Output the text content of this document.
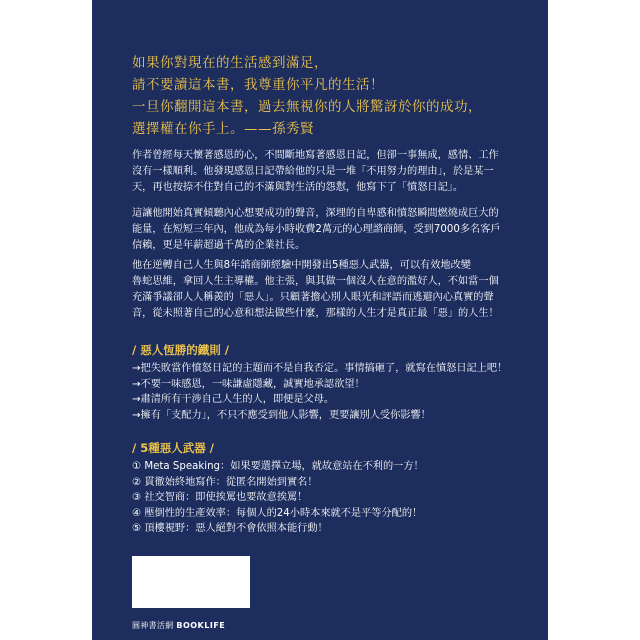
如果你對現在的生活感到滿足，
請不要讀這本書，我尊重你平凡的生活！
一旦你翻開這本書，過去無視你的人將驚訝於你的成功，
選擇權在你手上。——孫秀賢
作者曾經每天懷著感恩的心，不間斷地寫著感恩日記，但卻一事無成，感情、工作
沒有一樣順利。他發現感恩日記帶給他的只是一堆「不用努力的理由」，於是某一
天，再也按捺不住對自己的不滿與對生活的怨懟，他寫下了「憤怒日記」。
這讓他開始真實傾聽內心想要成功的聲音，深埋的自卑感和憤怒瞬間燃燒成巨大的
能量，在短短三年內，他成為每小時收費2萬元的心理諮商師，受到7000多名客戶
信賴，更是年薪超過千萬的企業社長。
他在逆轉自己人生與8年諮商師經驗中開發出5種惡人武器，可以有效地改變
魯蛇思維，拿回人生主導權。他主張，與其做一個沒人在意的濫好人，不如當一個
充滿爭議卻人人稱羨的「惡人」。只顧著擔心別人眼光和評語而逃避內心真實的聲
音，從未照著自己的心意和想法做些什麼，那樣的人生才是真正最「惡」的人生！
/ 惡人恆勝的鐵則 /
→把失敗當作憤怒日記的主題而不是自我否定。事情搞砸了，就寫在憤怒日記上吧！
→不要一味感恩，一味謙虛隱藏，誠實地承認欲望！
→肅清所有干涉自己人生的人，即便是父母。
→擁有「支配力」，不只不應受到他人影響，更要讓別人受你影響！
/ 5種惡人武器 /
① Meta Speaking：如果要選擇立場，就故意站在不利的一方！
② 貫徹始終地寫作：從匿名開始到實名！
③ 社交智商：即使挨罵也要故意挨罵！
④ 壓倒性的生產效率：每個人的24小時本來就不是平等分配的！
⑤ 頂樓視野：惡人絕對不會依照本能行動！
圓神書活網 BOOKLIFE
